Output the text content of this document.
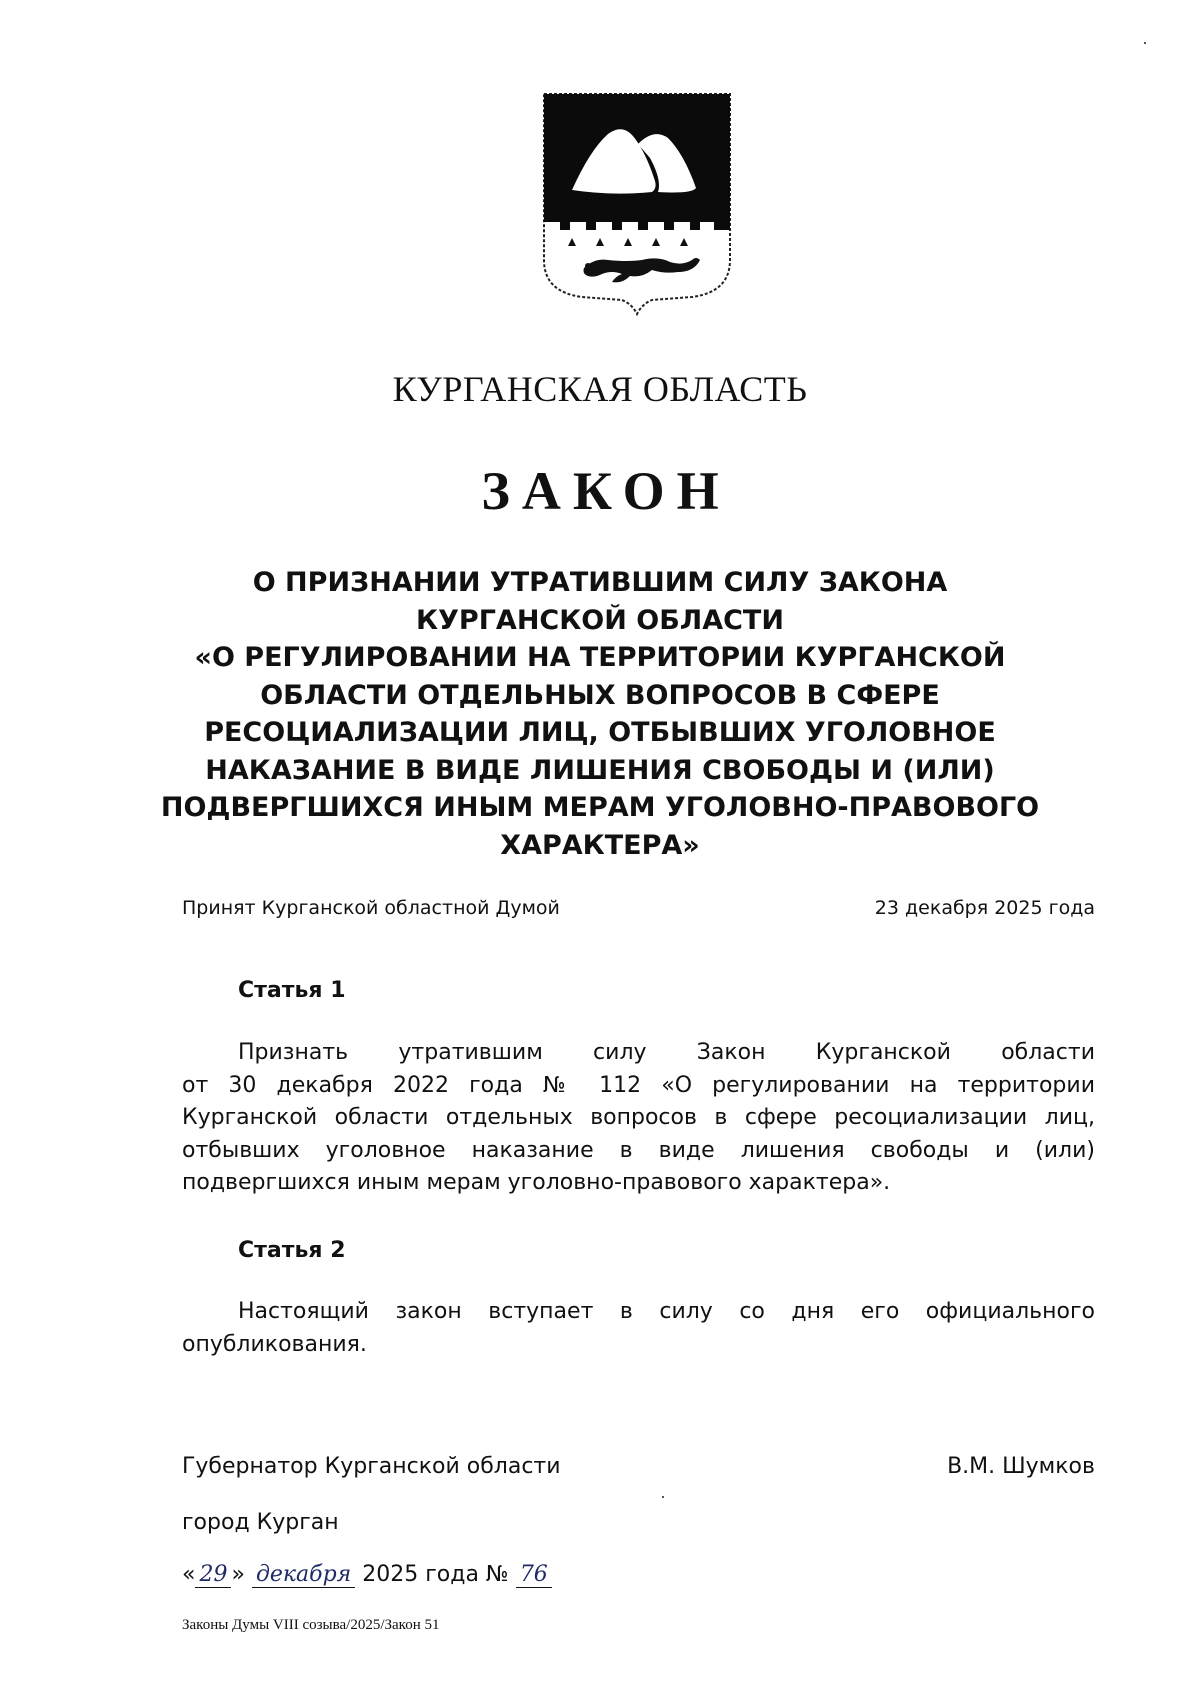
КУРГАНСКАЯ ОБЛАСТЬ
ЗАКОН
О ПРИЗНАНИИ УТРАТИВШИМ СИЛУ ЗАКОНА
КУРГАНСКОЙ ОБЛАСТИ
«О РЕГУЛИРОВАНИИ НА ТЕРРИТОРИИ КУРГАНСКОЙ
ОБЛАСТИ ОТДЕЛЬНЫХ ВОПРОСОВ В СФЕРЕ
РЕСОЦИАЛИЗАЦИИ ЛИЦ, ОТБЫВШИХ УГОЛОВНОЕ
НАКАЗАНИЕ В ВИДЕ ЛИШЕНИЯ СВОБОДЫ И (ИЛИ)
ПОДВЕРГШИХСЯ ИНЫМ МЕРАМ УГОЛОВНО-ПРАВОВОГО
ХАРАКТЕРА»
Принят Курганской областной Думой	23 декабря 2025 года
Статья 1
Признать утратившим силу Закон Курганской области
от 30 декабря 2022 года № 112 «О регулировании на территории
Курганской области отдельных вопросов в сфере ресоциализации лиц,
отбывших уголовное наказание в виде лишения свободы и (или)
подвергшихся иным мерам уголовно-правового характера».
Статья 2
Настоящий закон вступает в силу со дня его официального
опубликования.
Губернатор Курганской области	В.М. Шумков
город Курган
« 29 » декабря 2025 года № 76
Законы Думы VIII созыва/2025/Закон 51
